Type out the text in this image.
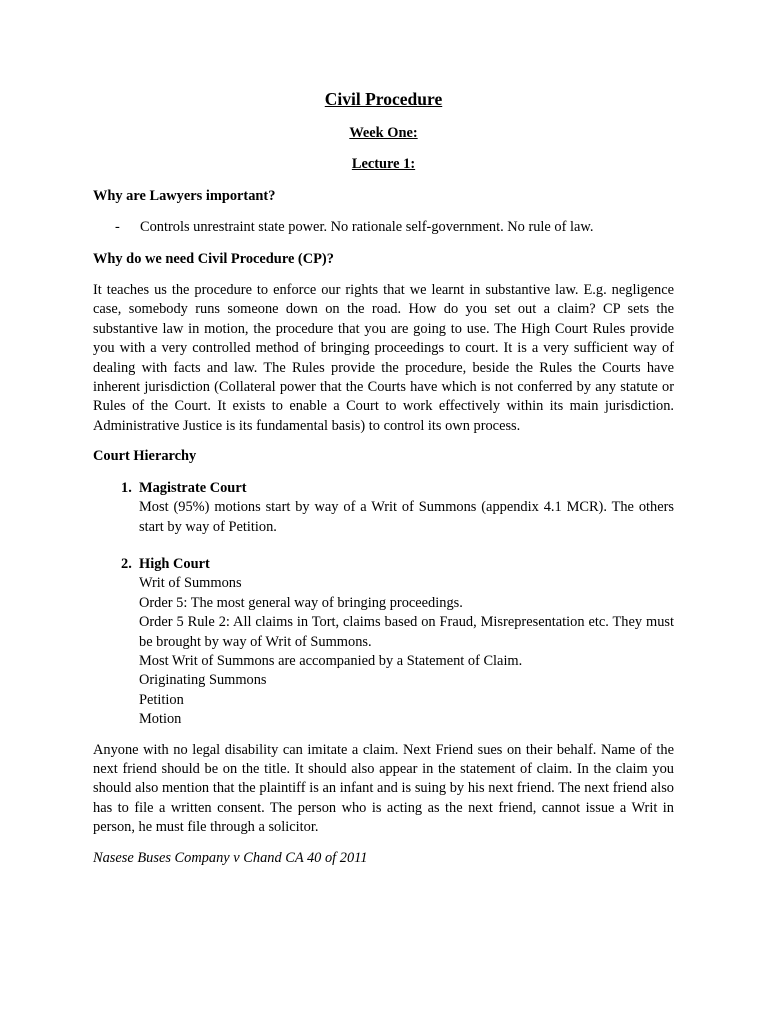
Civil Procedure
Week One:
Lecture 1:
Why are Lawyers important?
-	Controls unrestraint state power. No rationale self-government. No rule of law.
Why do we need Civil Procedure (CP)?

It teaches us the procedure to enforce our rights that we learnt in substantive law. E.g. negligence case, somebody runs someone down on the road. How do you set out a claim? CP sets the substantive law in motion, the procedure that you are going to use. The High Court Rules provide you with a very controlled method of bringing proceedings to court. It is a very sufficient way of dealing with facts and law. The Rules provide the procedure, beside the Rules the Courts have inherent jurisdiction (Collateral power that the Courts have which is not conferred by any statute or Rules of the Court. It exists to enable a Court to work effectively within its main jurisdiction. Administrative Justice is its fundamental basis) to control its own process.

Court Hierarchy
1. Magistrate Court
Most (95%) motions start by way of a Writ of Summons (appendix 4.1 MCR). The others start by way of Petition.
2. High Court
Writ of Summons
Order 5: The most general way of bringing proceedings.
Order 5 Rule 2: All claims in Tort, claims based on Fraud, Misrepresentation etc. They must be brought by way of Writ of Summons.
Most Writ of Summons are accompanied by a Statement of Claim.
Originating Summons
Petition
Motion

Anyone with no legal disability can imitate a claim. Next Friend sues on their behalf. Name of the next friend should be on the title. It should also appear in the statement of claim. In the claim you should also mention that the plaintiff is an infant and is suing by his next friend. The next friend also has to file a written consent. The person who is acting as the next friend, cannot issue a Writ in person, he must file through a solicitor.

Nasese Buses Company v Chand CA 40 of 2011
